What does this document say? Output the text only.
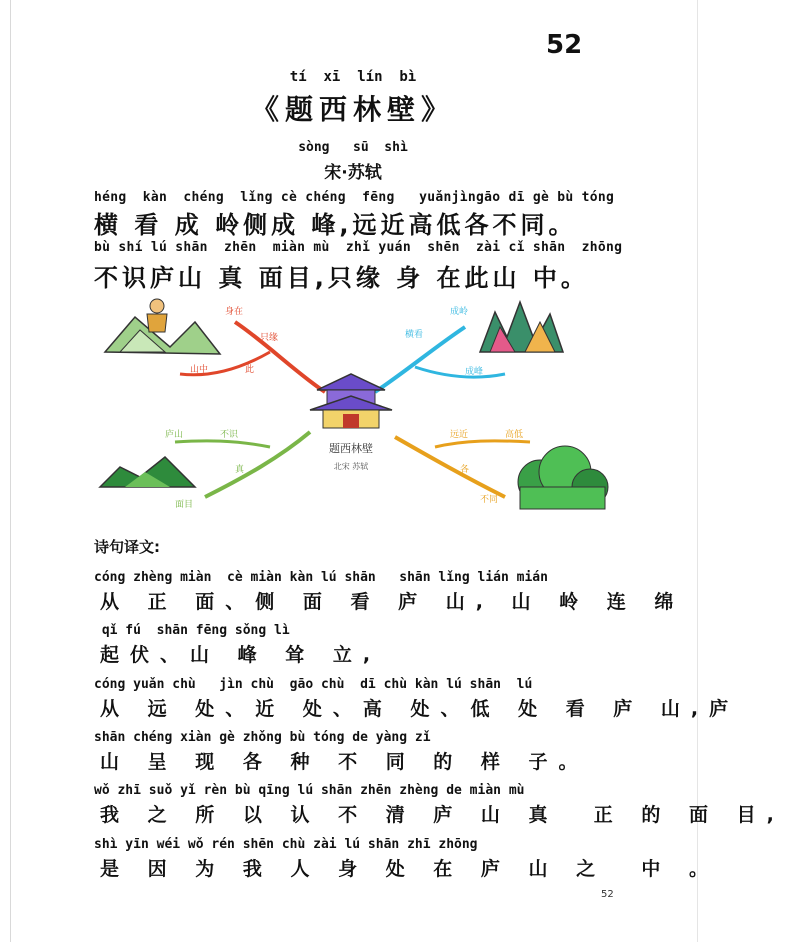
52
tí  xī  lín  bì
《题西林壁》
sòng   sū  shì
宋·苏轼
héng  kàn  chéng  lǐng cè chéng  fēng   yuǎnjìngāo dī gè bù tóng
横 看 成 岭侧成 峰,远近高低各不同。
bù shí lú shān  zhēn  miàn mù  zhǐ yuán  shēn  zài cǐ shān  zhōng
不识庐山 真 面目,只缘 身 在此山 中。
题西林壁
北宋 苏轼
身在
只缘
山中	此
横看
成岭
成峰
庐山	不识
真
面目
远近	高低
各
不同
诗句译文:
cóng zhèng miàn  cè miàn kàn lú shān   shān lǐng lián mián
从 正 面、侧 面 看 庐 山, 山 岭 连 绵
qǐ fú  shān fēng sǒng lì
起伏、山 峰 耸 立,
cóng yuǎn chù   jìn chù  gāo chù  dī chù kàn lú shān  lú
从 远 处、近 处、高 处、低 处 看 庐 山,庐
shān chéng xiàn gè zhǒng bù tóng de yàng zǐ
山 呈 现 各 种 不 同 的 样 子。
wǒ zhī suǒ yǐ rèn bù qīng lú shān zhēn zhèng de miàn mù
我 之 所 以 认 不 清 庐 山 真  正 的 面 目,
shì yīn wéi wǒ rén shēn chù zài lú shān zhī zhōng
是 因 为 我 人 身 处 在 庐 山 之  中 。
52
